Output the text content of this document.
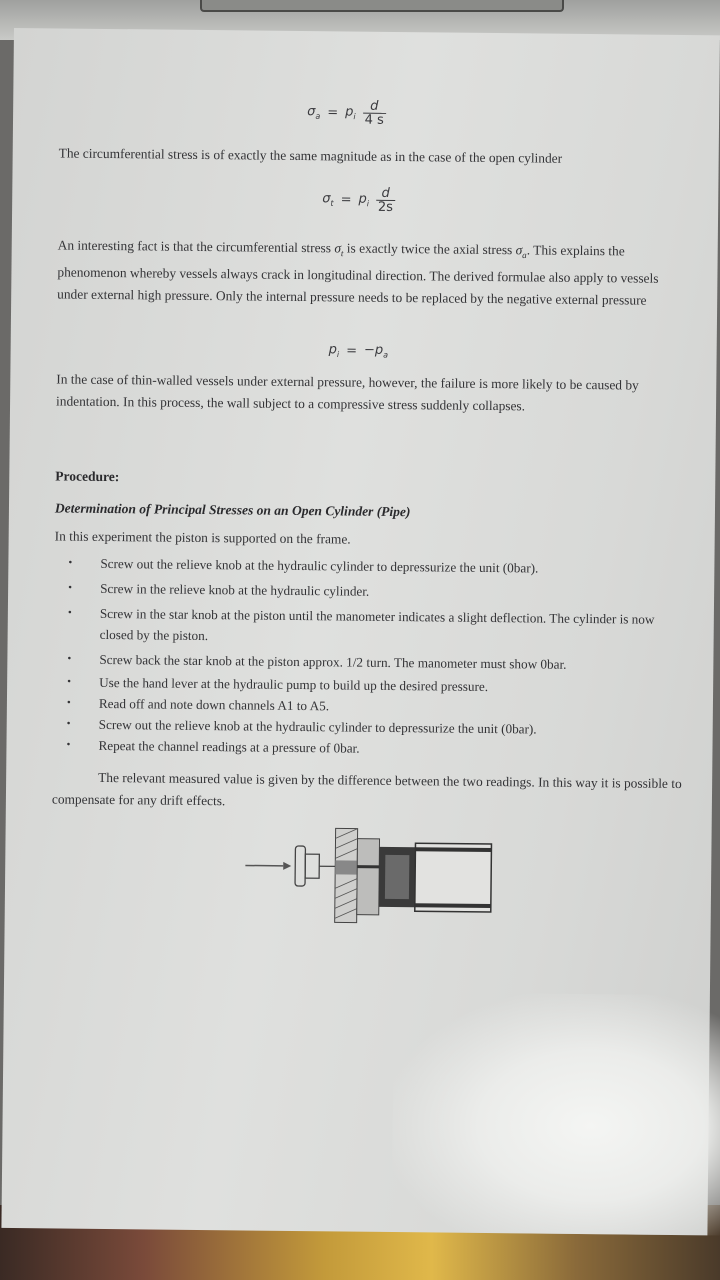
$\sigma_a = p_i \frac{d}{4 s}$

The circumferential stress is of exactly the same magnitude as in the case of the open cylinder

$\sigma_t = p_i \frac{d}{2s}$

An interesting fact is that the circumferential stress $\sigma_t$ is exactly twice the axial stress $\sigma_a$. This explains the phenomenon whereby vessels always crack in longitudinal direction. The derived formulae also apply to vessels under external high pressure. Only the internal pressure needs to be replaced by the negative external pressure

$p_i = -p_a$

In the case of thin-walled vessels under external pressure, however, the failure is more likely to be caused by indentation. In this process, the wall subject to a compressive stress suddenly collapses.

Procedure:
Determination of Principal Stresses on an Open Cylinder (Pipe)

In this experiment the piston is supported on the frame.

• Screw out the relieve knob at the hydraulic cylinder to depressurize the unit (0bar).
• Screw in the relieve knob at the hydraulic cylinder.
• Screw in the star knob at the piston until the manometer indicates a slight deflection. The cylinder is now closed by the piston.
• Screw back the star knob at the piston approx. 1/2 turn. The manometer must show 0bar.
• Use the hand lever at the hydraulic pump to build up the desired pressure.
• Read off and note down channels A1 to A5.
• Screw out the relieve knob at the hydraulic cylinder to depressurize the unit (0bar).
• Repeat the channel readings at a pressure of 0bar.

The relevant measured value is given by the difference between the two readings. In this way it is possible to compensate for any drift effects.
